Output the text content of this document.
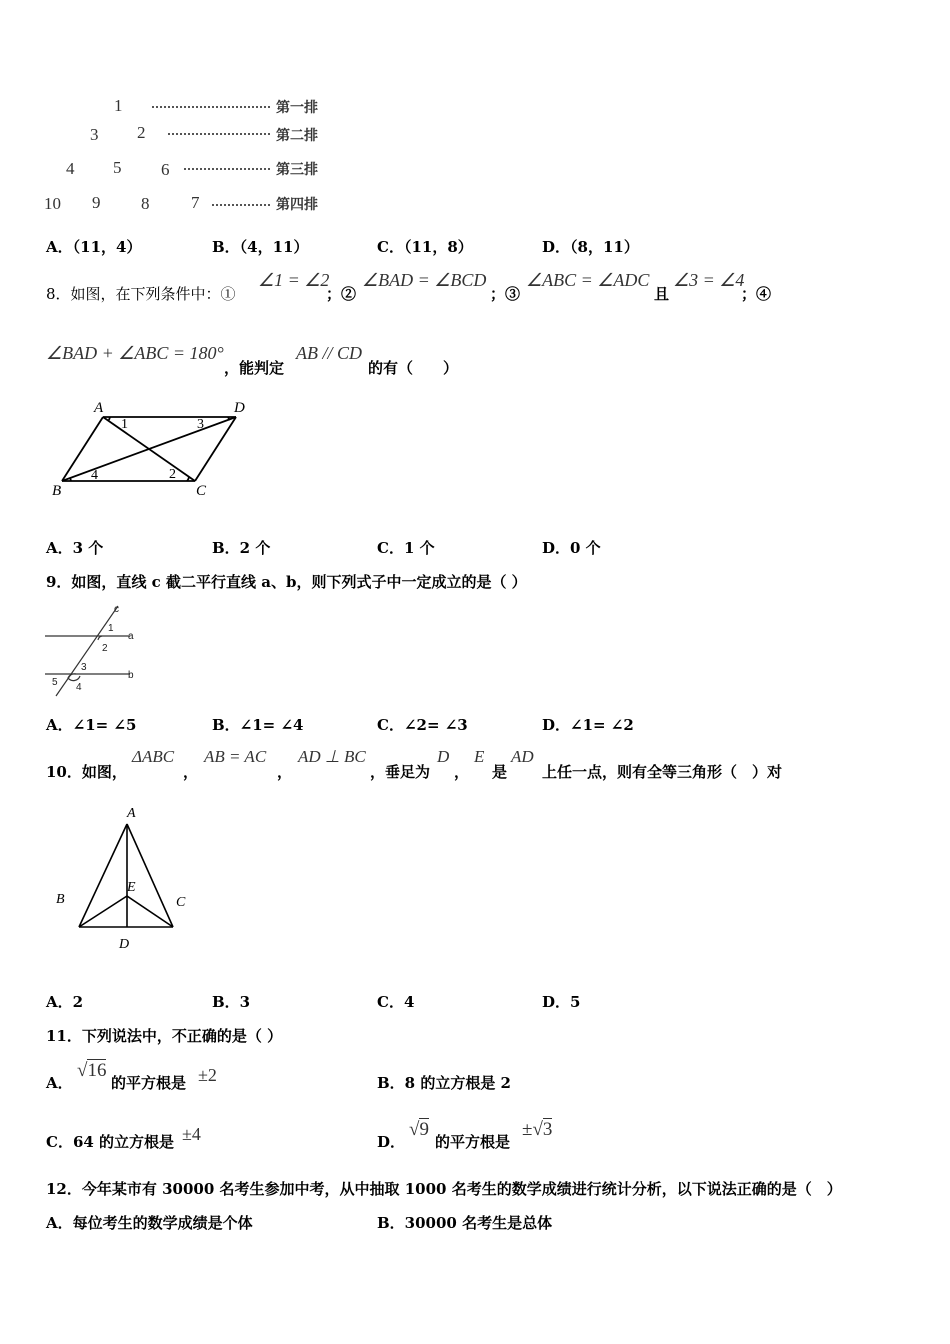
1	第一排
3 2	第二排
4 5 6	第三排
10 9 8 7	第四排
A．（11，4）	B．（4，11）	C．（11，8）	D．（8，11）
8．如图，在下列条件中：①
∠1 = ∠2
；②
∠BAD = ∠BCD
；③
∠ABC = ∠ADC
且
∠3 = ∠4
；④
∠BAD + ∠ABC = 180°
，能判定
AB // CD
的有（　　）
A	D
B	C
1	3
2
4
A．3 个	B．2 个	C．1 个	D．0 个
9．如图，直线 c 截二平行直线 a、b，则下列式子中一定成立的是（ ）
c
a
b
1
2
3
4
5
A．∠1= ∠5	B．∠1= ∠4	C．∠2= ∠3	D．∠1= ∠2
10．如图，
ΔABC
，
AB = AC
，
AD ⊥ BC
，垂足为
D
，
E
是
AD
上任一点，则有全等三角形（　）对
A
B	C
D
E
A．2	B．3	C．4	D．5
11．下列说法中，不正确的是（ ）
A．
√16
的平方根是 ±2	B．8 的立方根是 2
C．64 的立方根是 ±4	D．
√9
的平方根是
±√3
12．今年某市有 30000 名考生参加中考，从中抽取 1000 名考生的数学成绩进行统计分析，以下说法正确的是（　）
A．每位考生的数学成绩是个体	B．30000 名考生是总体
